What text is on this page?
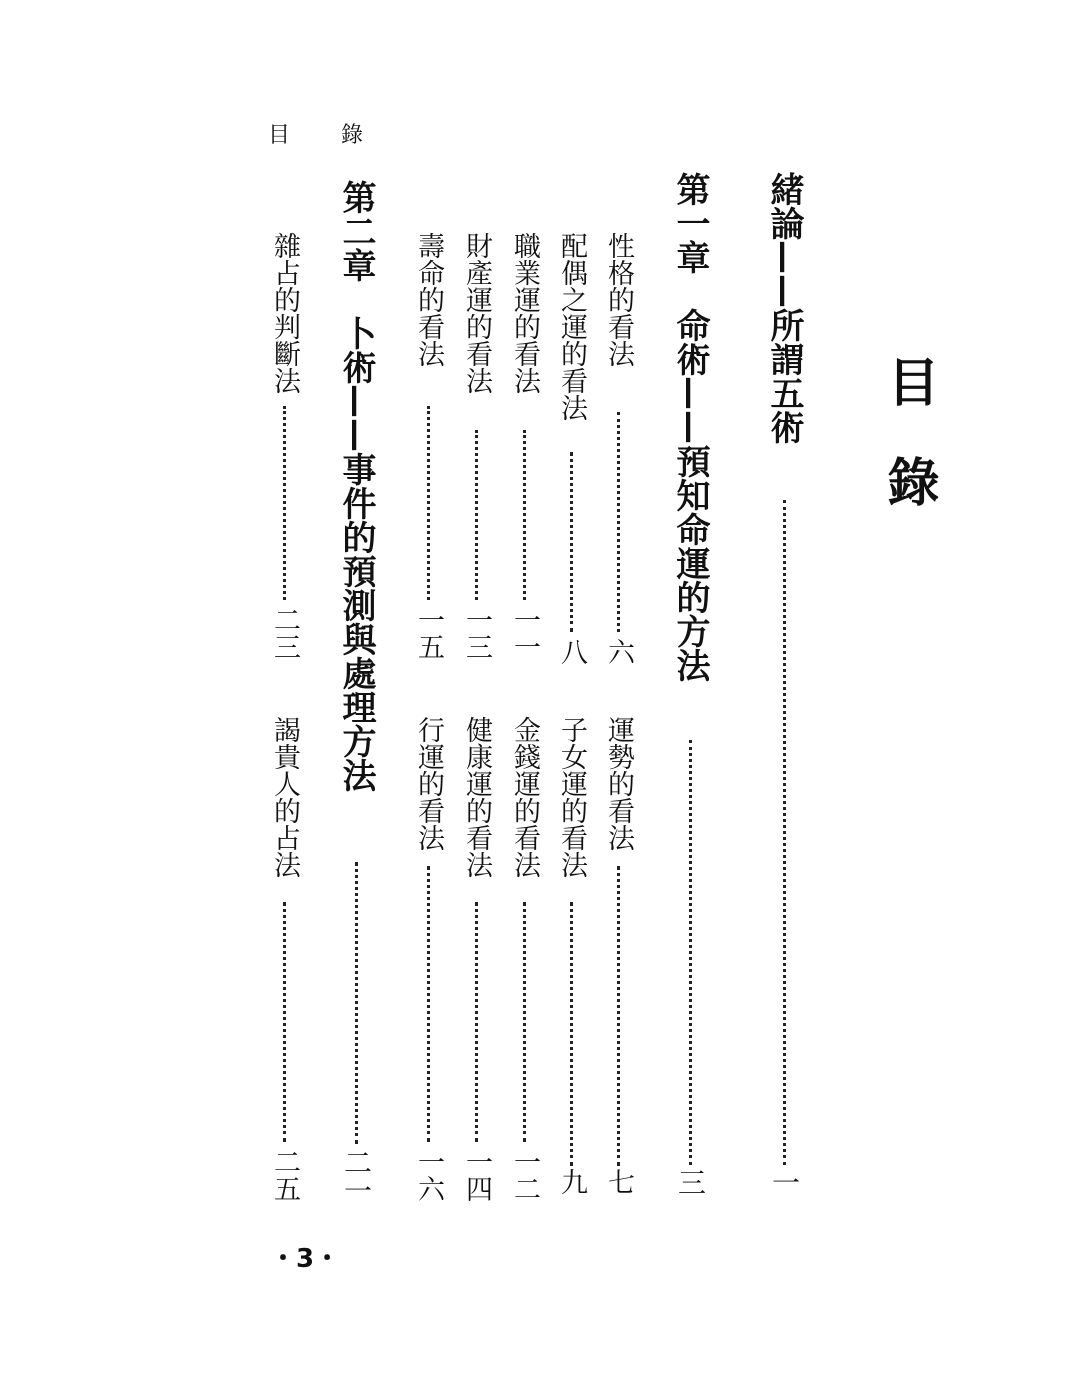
目 錄
目錄
緒論——所謂五術
一
第一章　命術——預知命運的方法
三
性格的看法
六
運勢的看法
七
配偶之運的看法
八
子女運的看法
九
職業運的看法
一一
金錢運的看法
一二
財產運的看法
一三
健康運的看法
一四
壽命的看法
一五
行運的看法
一六
第二章　卜術——事件的預測與處理方法
二一
雜占的判斷法
二三
謁貴人的占法
二五
・3・
